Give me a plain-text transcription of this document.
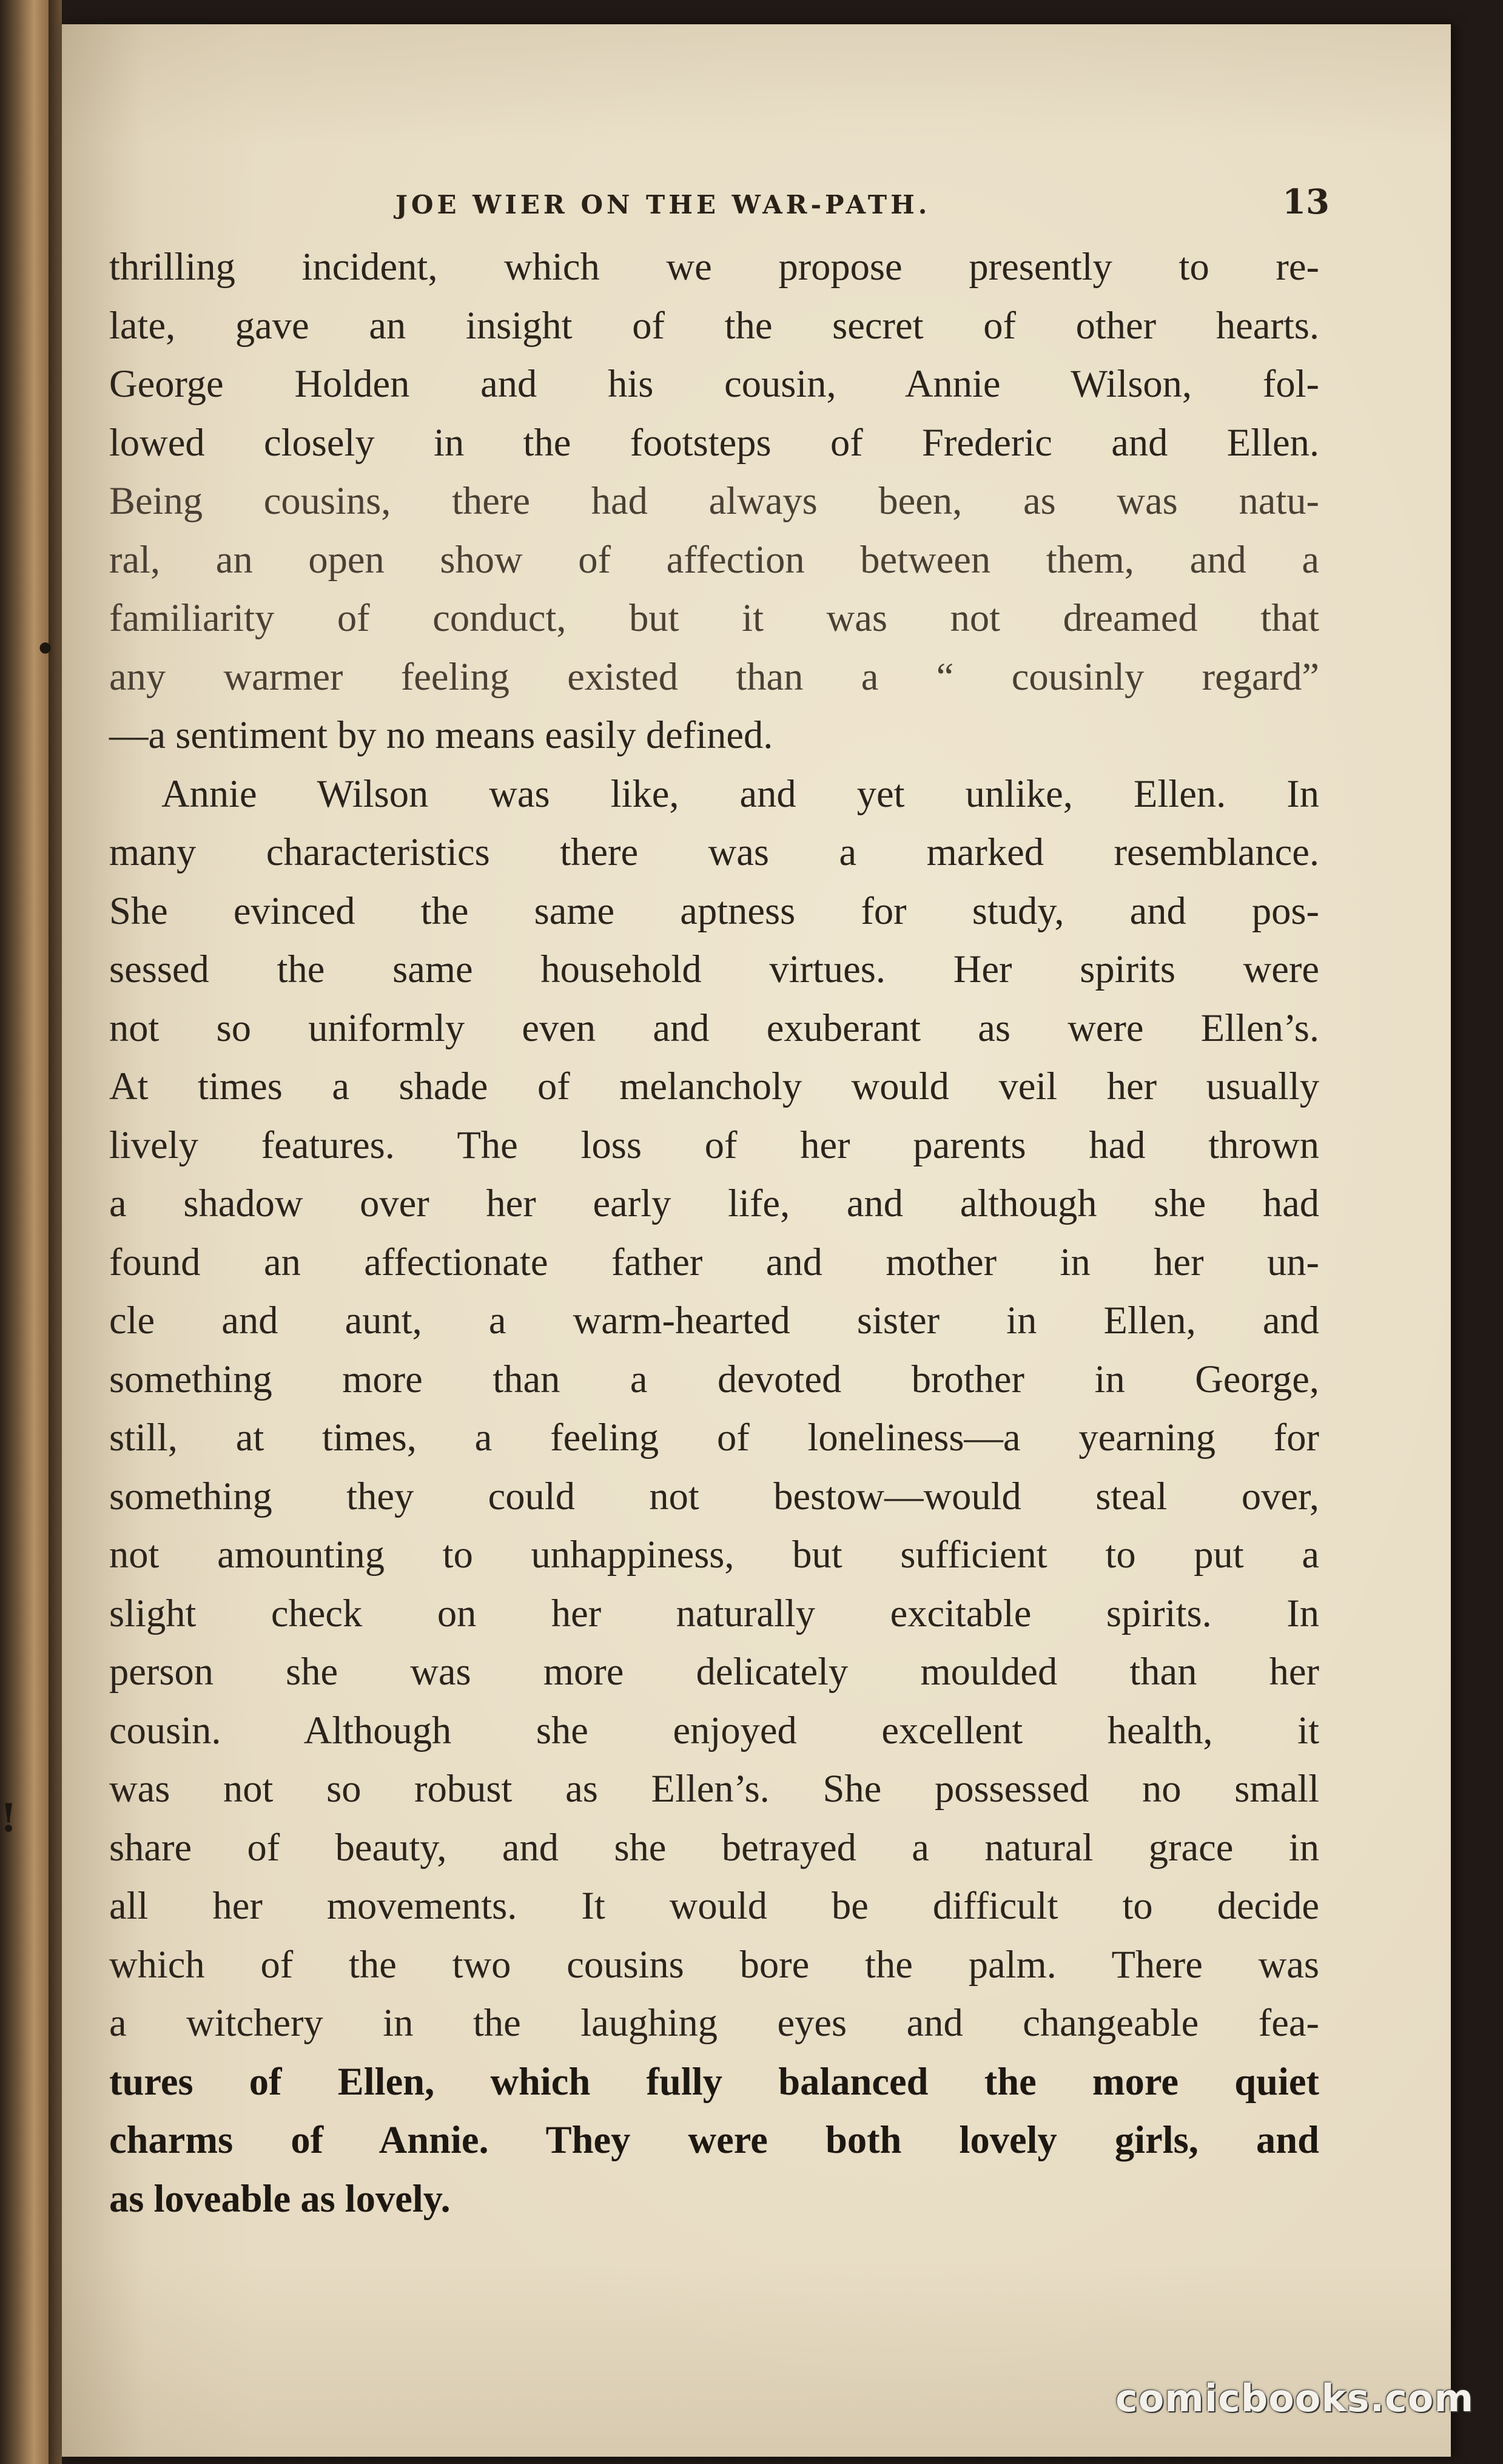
JOE WIER ON THE WAR-PATH.	13
thrilling incident, which we propose presently to re-
late, gave an insight of the secret of other hearts.
George Holden and his cousin, Annie Wilson, fol-
lowed closely in the footsteps of Frederic and Ellen.
Being cousins, there had always been, as was natu-
ral, an open show of affection between them, and a
familiarity of conduct, but it was not dreamed that
any warmer feeling existed than a “ cousinly regard”
—a sentiment by no means easily defined.
Annie Wilson was like, and yet unlike, Ellen. In
many characteristics there was a marked resemblance.
She evinced the same aptness for study, and pos-
sessed the same household virtues. Her spirits were
not so uniformly even and exuberant as were Ellen’s.
At times a shade of melancholy would veil her usually
lively features. The loss of her parents had thrown
a shadow over her early life, and although she had
found an affectionate father and mother in her un-
cle and aunt, a warm-hearted sister in Ellen, and
something more than a devoted brother in George,
still, at times, a feeling of loneliness—a yearning for
something they could not bestow—would steal over,
not amounting to unhappiness, but sufficient to put a
slight check on her naturally excitable spirits. In
person she was more delicately moulded than her
cousin. Although she enjoyed excellent health, it
was not so robust as Ellen’s. She possessed no small
share of beauty, and she betrayed a natural grace in
all her movements. It would be difficult to decide
which of the two cousins bore the palm. There was
a witchery in the laughing eyes and changeable fea-
tures of Ellen, which fully balanced the more quiet
charms of Annie. They were both lovely girls, and
as loveable as lovely.
•
!
comicbooks.com
